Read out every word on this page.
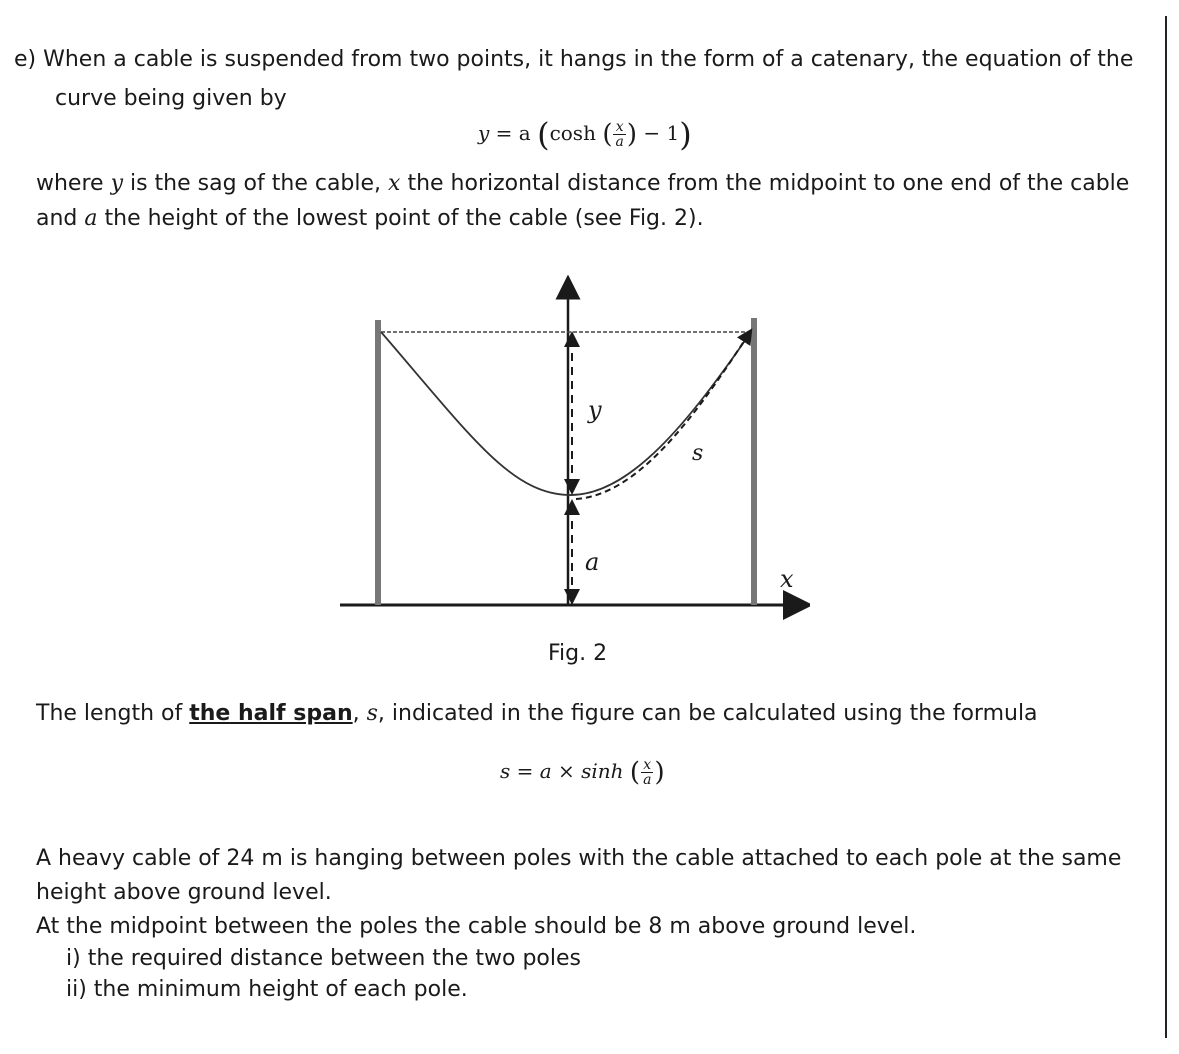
e) When a cable is suspended from two points, it hangs in the form of a catenary, the equation of the
curve being given by
y = a (cosh ( $\frac{x}{a}$ ) − 1)
where y is the sag of the cable, x the horizontal distance from the midpoint to one end of the cable
and a the height of the lowest point of the cable (see Fig. 2).
y
s
a
x
Fig. 2
The length of the half span, s, indicated in the figure can be calculated using the formula
s = a × sinh ( $\frac{x}{a}$ )
A heavy cable of 24 m is hanging between poles with the cable attached to each pole at the same
height above ground level.
At the midpoint between the poles the cable should be 8 m above ground level.
i) the required distance between the two poles
ii) the minimum height of each pole.
